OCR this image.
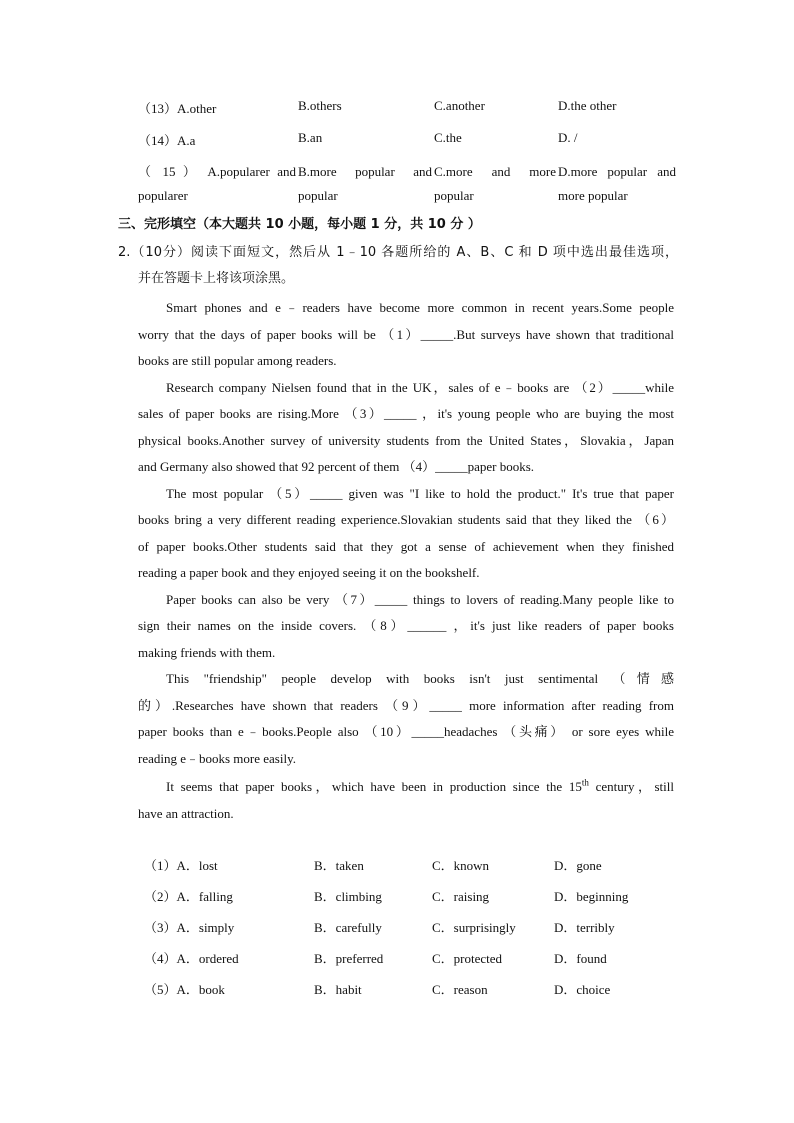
（13）A.other	B.others	C.another	D.the other
（14）A.a	B.an	C.the	D. /
（ 15 ） A.popularer and
popularer
B.more popular and
popular
C.more and more
popular
D.more popular and
more popular
三、完形填空（本大题共 10 小题，每小题 1 分，共 10 分 ）
2.（10分）阅读下面短文，然后从 1﹣10 各题所给的 A、B、C 和 D 项中选出最佳选项，
并在答题卡上将该项涂黑。

Smart phones and e﹣readers have become more common in recent years.Some people
worry that the days of paper books will be （1）_____.But surveys have shown that traditional
books are still popular among readers.

Research company Nielsen found that in the UK，sales of e﹣books are （2）_____while
sales of paper books are rising.More （3）_____ ，it's young people who are buying the most
physical books.Another survey of university students from the United States，Slovakia，Japan
and Germany also showed that 92 percent of them （4）_____paper books.

The most popular （5）_____ given was "I like to hold the product." It's true that paper
books bring a very different reading experience.Slovakian students said that they liked the （6）
of paper books.Other students said that they got a sense of achievement when they finished
reading a paper book and they enjoyed seeing it on the bookshelf.

Paper books can also be very （7）_____ things to lovers of reading.Many people like to
sign their names on the inside covers. （8）______ ，it's just like readers of paper books
making friends with them.

This "friendship" people develop with books isn't just sentimental （情感
的）.Researches have shown that readers （9）_____ more information after reading from
paper books than e﹣books.People also （10）_____headaches （头痛） or sore eyes while
reading e﹣books more easily.

It seems that paper books，which have been in production since the 15th century，still
have an attraction.

（1）A．lost	B．taken	C．known	D．gone
（2）A．falling	B．climbing	C．raising	D．beginning
（3）A．simply	B．carefully	C．surprisingly	D．terribly
（4）A．ordered	B．preferred	C．protected	D．found
（5）A．book	B．habit	C．reason	D．choice
